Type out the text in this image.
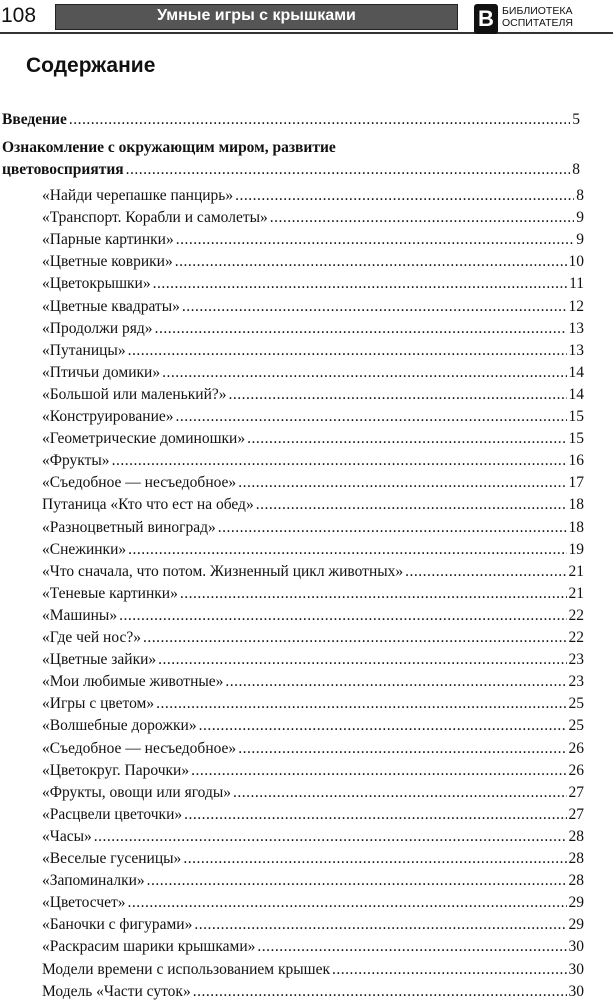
108	Умные игры с крышками	В БИБЛИОТЕКА
ОСПИТАТЕЛЯ
Содержание
Введение .....	5
Ознакомление с окружающим миром, развитие
цветовосприятия .....	8
«Найди черепашке панцирь» .....	8
«Транспорт. Корабли и самолеты» .....	9
«Парные картинки» .....	9
«Цветные коврики» .....	10
«Цветокрышки» .....	11
«Цветные квадраты» .....	12
«Продолжи ряд» .....	13
«Путаницы» .....	13
«Птичьи домики» .....	14
«Большой или маленький?» .....	14
«Конструирование» .....	15
«Геометрические доминошки» .....	15
«Фрукты» .....	16
«Съедобное — несъедобное» .....	17
Путаница «Кто что ест на обед» .....	18
«Разноцветный виноград» .....	18
«Снежинки» .....	19
«Что сначала, что потом. Жизненный цикл животных» .....	21
«Теневые картинки» .....	21
«Машины» .....	22
«Где чей нос?» .....	22
«Цветные зайки» .....	23
«Мои любимые животные» .....	23
«Игры с цветом» .....	25
«Волшебные дорожки» .....	25
«Съедобное — несъедобное» .....	26
«Цветокруг. Парочки» .....	26
«Фрукты, овощи или ягоды» .....	27
«Расцвели цветочки» .....	27
«Часы» .....	28
«Веселые гусеницы» .....	28
«Запоминалки» .....	28
«Цветосчет» .....	29
«Баночки с фигурами» .....	29
«Раскрасим шарики крышками» .....	30
Модели времени с использованием крышек .....	30
Модель «Части суток» .....	30
